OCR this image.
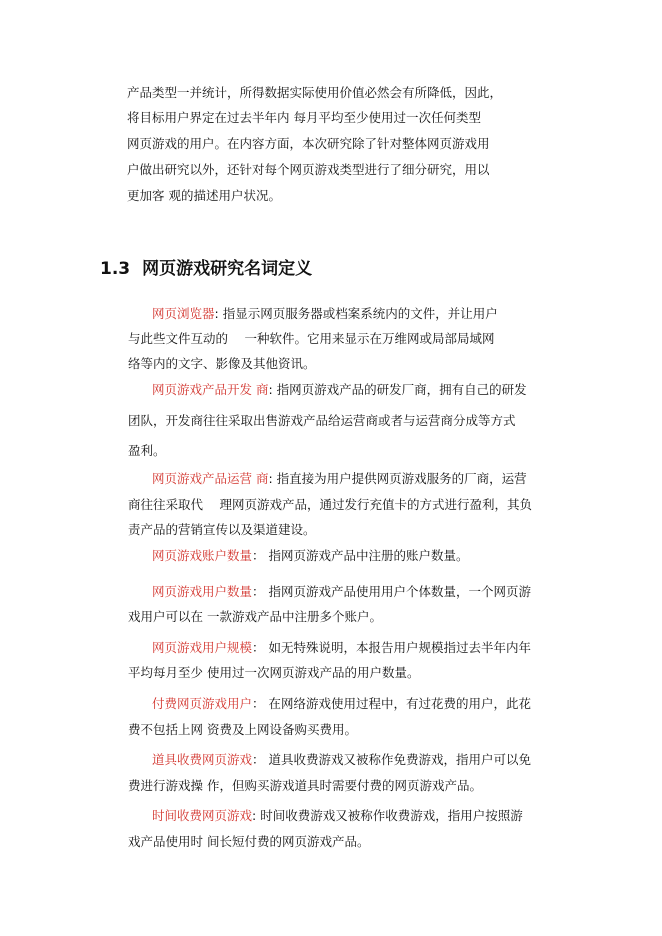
产品类型一并统计，所得数据实际使用价值必然会有所降低，因此，
将目标用户界定在过去半年内 每月平均至少使用过一次任何类型
网页游戏的用户。在内容方面，本次研究除了针对整体网页游戏用
户做出研究以外，还针对每个网页游戏类型进行了细分研究，用以
更加客 观的描述用户状况。
1.3 网页游戏研究名词定义
网页浏览器: 指显示网页服务器或档案系统内的文件，并让用户
与此些文件互动的　 一种软件。它用来显示在万维网或局部局域网
络等内的文字、影像及其他资讯。
网页游戏产品开发 商: 指网页游戏产品的研发厂商，拥有自己的研发
团队，开发商往往采取出售游戏产品给运营商或者与运营商分成等方式
盈利。
网页游戏产品运营 商: 指直接为用户提供网页游戏服务的厂商，运营
商往往采取代　 理网页游戏产品，通过发行充值卡的方式进行盈利，其负
责产品的营销宣传以及渠道建设。
网页游戏账户数量： 指网页游戏产品中注册的账户数量。
网页游戏用户数量： 指网页游戏产品使用用户个体数量，一个网页游
戏用户可以在 一款游戏产品中注册多个账户。
网页游戏用户规模： 如无特殊说明，本报告用户规模指过去半年内年
平均每月至少 使用过一次网页游戏产品的用户数量。
付费网页游戏用户： 在网络游戏使用过程中，有过花费的用户，此花
费不包括上网 资费及上网设备购买费用。
道具收费网页游戏： 道具收费游戏又被称作免费游戏，指用户可以免
费进行游戏操 作，但购买游戏道具时需要付费的网页游戏产品。
时间收费网页游戏: 时间收费游戏又被称作收费游戏，指用户按照游
戏产品使用时 间长短付费的网页游戏产品。
